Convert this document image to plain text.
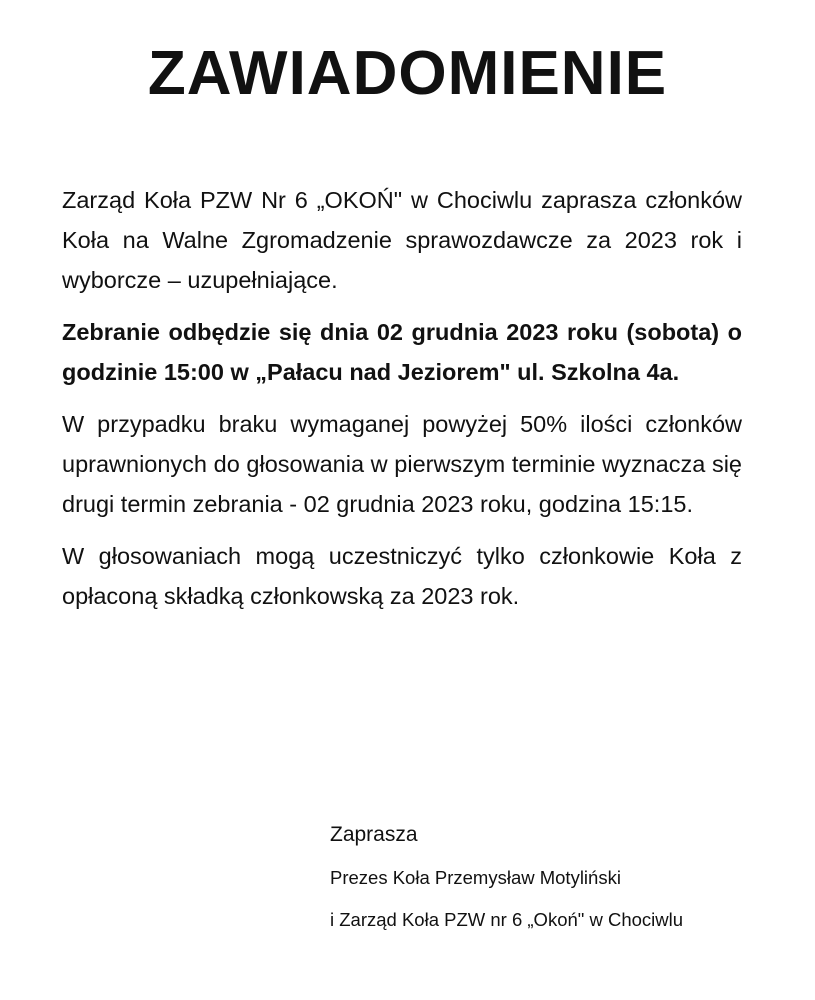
ZAWIADOMIENIE

Zarząd Koła PZW Nr 6 „OKOŃ" w Chociwlu zaprasza członków Koła na Walne Zgromadzenie sprawozdawcze za 2023 rok i wyborcze – uzupełniające.

Zebranie odbędzie się dnia 02 grudnia 2023 roku (sobota) o godzinie 15:00 w „Pałacu nad Jeziorem" ul. Szkolna 4a.

W przypadku braku wymaganej powyżej 50% ilości członków uprawnionych do głosowania w pierwszym terminie wyznacza się drugi termin zebrania - 02 grudnia 2023 roku, godzina 15:15.

W głosowaniach mogą uczestniczyć tylko członkowie Koła z opłaconą składką członkowską za 2023 rok.

Zaprasza

Prezes Koła Przemysław Motyliński

i Zarząd Koła PZW nr 6 „Okoń" w Chociwlu
